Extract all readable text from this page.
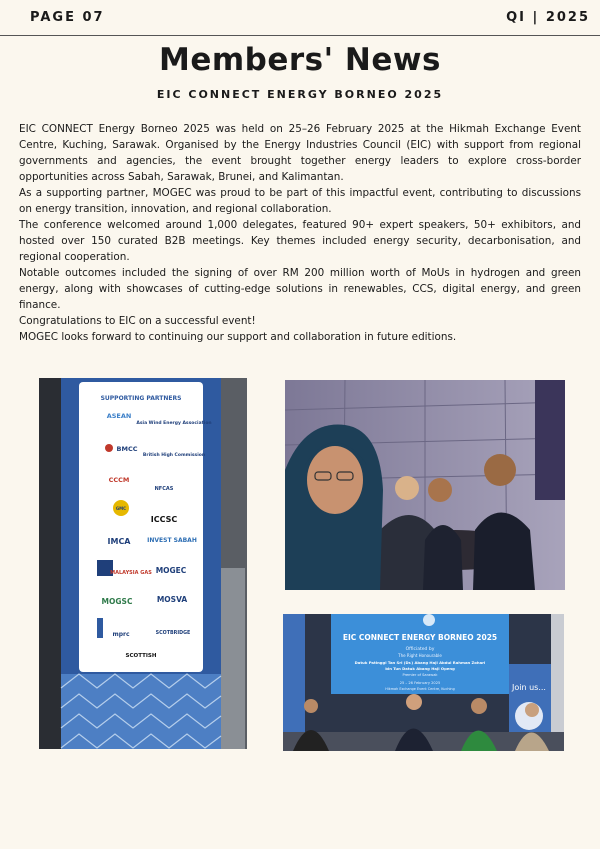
PAGE 07	QI | 2025
Members' News
EIC CONNECT ENERGY BORNEO 2025

EIC CONNECT Energy Borneo 2025 was held on 25–26 February 2025 at the Hikmah Exchange Event Centre, Kuching, Sarawak. Organised by the Energy Industries Council (EIC) with support from regional governments and agencies, the event brought together energy leaders to explore cross-border opportunities across Sabah, Sarawak, Brunei, and Kalimantan.

As a supporting partner, MOGEC was proud to be part of this impactful event, contributing to discussions on energy transition, innovation, and regional collaboration.

The conference welcomed around 1,000 delegates, featured 90+ expert speakers, 50+ exhibitors, and hosted over 150 curated B2B meetings. Key themes included energy security, decarbonisation, and regional cooperation.

Notable outcomes included the signing of over RM 200 million worth of MoUs in hydrogen and green energy, along with showcases of cutting-edge solutions in renewables, CCS, digital energy, and green finance.

Congratulations to EIC on a successful event!

MOGEC looks forward to continuing our support and collaboration in future editions.

SUPPORTING PARTNERS
ASEAN
Asia Wind Energy Association
BMCC
British High Commission
CCCM
NFCAS
GMC
ICCSC
IMCA	INVEST SABAH
MALAYSIA GAS MOGEC
MOGSC	MOSVA
mprc	SCOTBRIDGE
SCOTTISH
EIC CONNECT ENERGY BORNEO 2025
Officiated by
The Right Honourable
Datuk Patinggi Tan Sri (Dr.) Abang Haji Abdul Rahman Zohari
bin Tun Datuk Abang Haji Openg
Premier of Sarawak
25 – 26 February 2025
Hikmah Exchange Event Centre, Kuching	Join us...
